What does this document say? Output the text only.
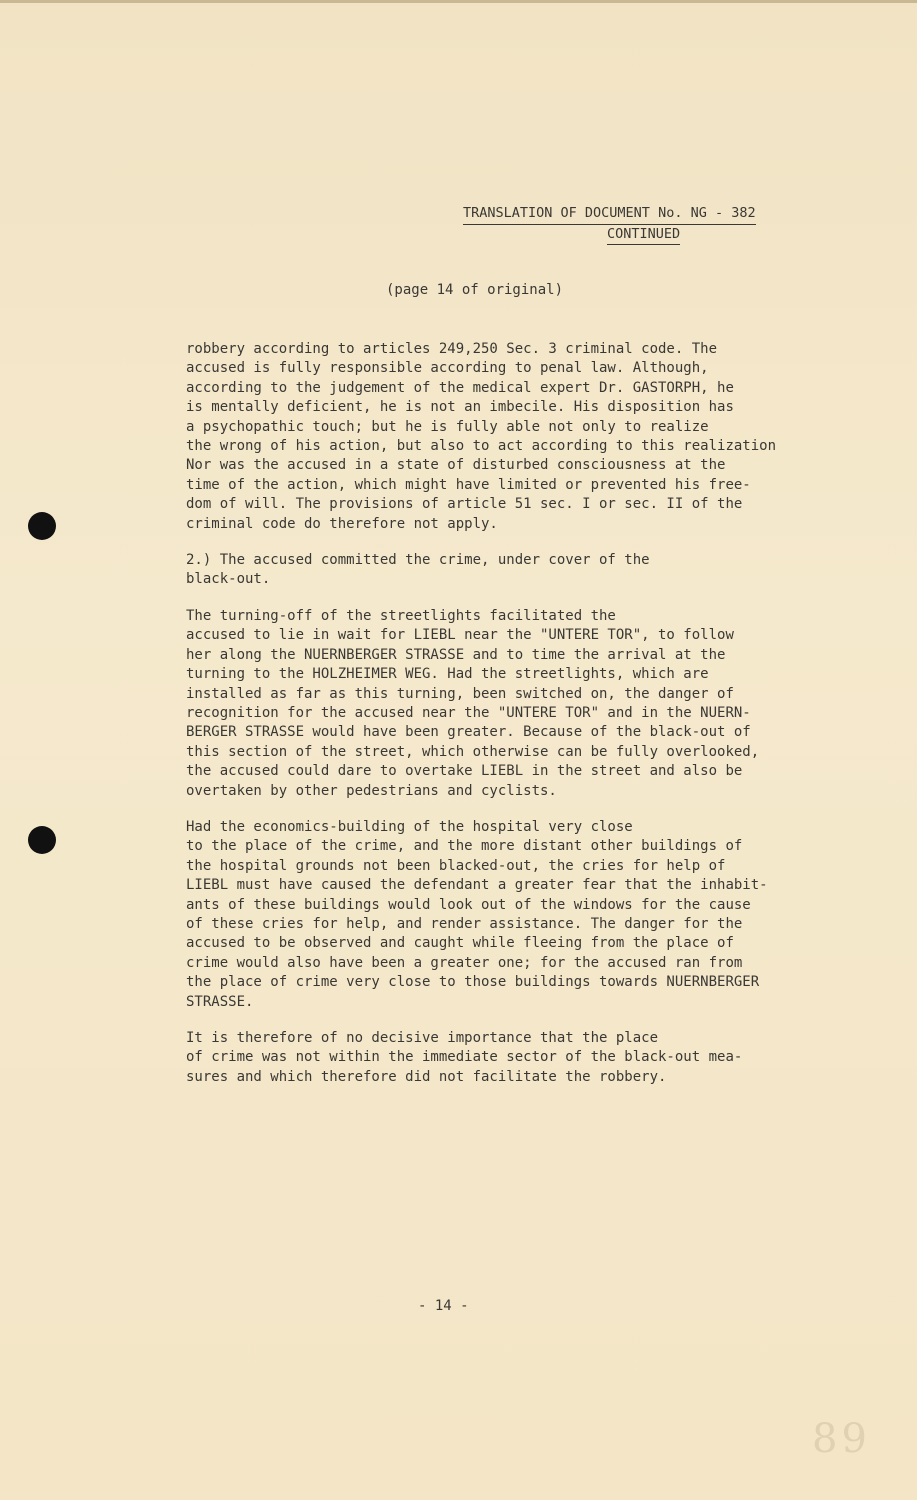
TRANSLATION OF DOCUMENT No. NG - 382
CONTINUED
(page 14 of original)

robbery according to articles 249,250 Sec. 3 criminal code. The
accused is fully responsible according to penal law. Although,
according to the judgement of the medical expert Dr. GASTORPH, he
is mentally deficient, he is not an imbecile. His disposition has
a psychopathic touch; but he is fully able not only to realize
the wrong of his action, but also to act according to this realization
Nor was the accused in a state of disturbed consciousness at the
time of the action, which might have limited or prevented his free-
dom of will. The provisions of article 51 sec. I or sec. II of the
criminal code do therefore not apply.

2.) The accused committed the crime, under cover of the
black-out.

The turning-off of the streetlights facilitated the
accused to lie in wait for LIEBL near the "UNTERE TOR", to follow
her along the NUERNBERGER STRASSE and to time the arrival at the
turning to the HOLZHEIMER WEG. Had the streetlights, which are
installed as far as this turning, been switched on, the danger of
recognition for the accused near the "UNTERE TOR" and in the NUERN-
BERGER STRASSE would have been greater. Because of the black-out of
this section of the street, which otherwise can be fully overlooked,
the accused could dare to overtake LIEBL in the street and also be
overtaken by other pedestrians and cyclists.

Had the economics-building of the hospital very close
to the place of the crime, and the more distant other buildings of
the hospital grounds not been blacked-out, the cries for help of
LIEBL must have caused the defendant a greater fear that the inhabit-
ants of these buildings would look out of the windows for the cause
of these cries for help, and render assistance. The danger for the
accused to be observed and caught while fleeing from the place of
crime would also have been a greater one; for the accused ran from
the place of crime very close to those buildings towards NUERNBERGER
STRASSE.

It is therefore of no decisive importance that the place
of crime was not within the immediate sector of the black-out mea-
sures and which therefore did not facilitate the robbery.

- 14 -
89
